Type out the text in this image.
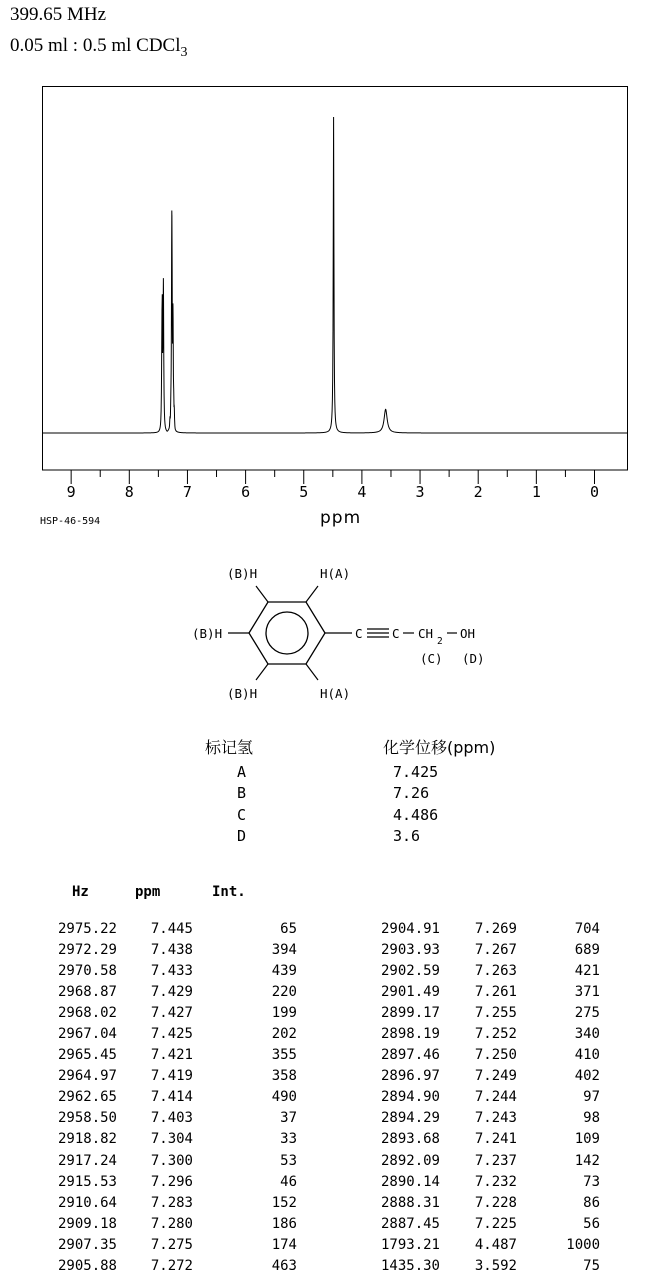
399.65 MHz
0.05 ml : 0.5 ml CDCl$_3$
9	8	7	6	5	4	3	2	1	0
ppm
HSP-46-594
(B)H	H(A)
(B)H
(B)H	H(A)
C C CH
2
OH
(C) (D)
标记氢	化学位移(ppm)
A	7.425
B	7.26
C	4.486
D	3.6
Hz	ppm	Int.
2975.22	7.445	65
2972.29	7.438	394
2970.58	7.433	439
2968.87	7.429	220
2968.02	7.427	199
2967.04	7.425	202
2965.45	7.421	355
2964.97	7.419	358
2962.65	7.414	490
2958.50	7.403	37
2918.82	7.304	33
2917.24	7.300	53
2915.53	7.296	46
2910.64	7.283	152
2909.18	7.280	186
2907.35	7.275	174
2905.88	7.272	463
2904.91	7.269	704
2903.93	7.267	689
2902.59	7.263	421
2901.49	7.261	371
2899.17	7.255	275
2898.19	7.252	340
2897.46	7.250	410
2896.97	7.249	402
2894.90	7.244	97
2894.29	7.243	98
2893.68	7.241	109
2892.09	7.237	142
2890.14	7.232	73
2888.31	7.228	86
2887.45	7.225	56
1793.21	4.487	1000
1435.30	3.592	75
